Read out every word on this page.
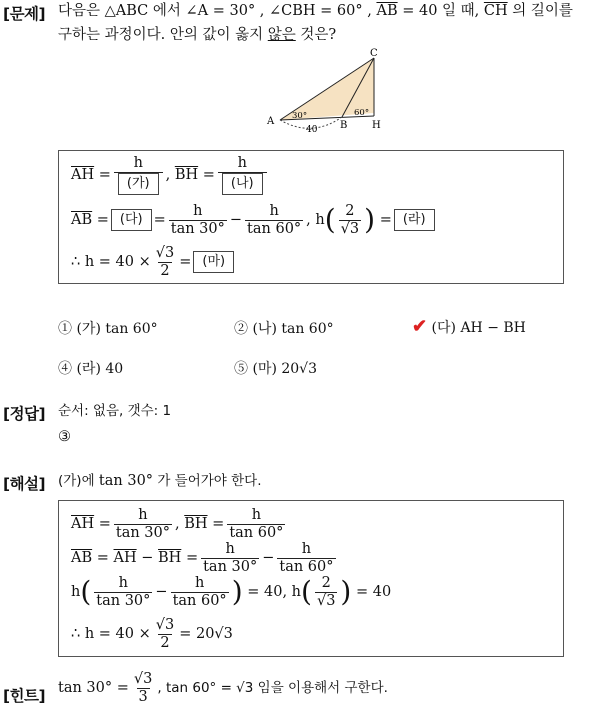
[문제] 다음은 △ABC 에서 ∠A = 30° , ∠CBH = 60° , $\overline{AB} = 40$ 일 때, $\overline{CH}$ 의 길이를
구하는 과정이다. 안의 값이 옳지 않은 것은?
A	B
C
H
30°	60°
40
$\overline{AH}$
= $\frac{h}{\text{(가)}}$ ,
$\overline{BH}$
= $\frac{h}{\text{(나)}}$
$\overline{AB}$
= (다) = $\frac{h}{\tan 30^\circ} - \frac{h}{\tan 60^\circ}$ ,
h ( $\frac{2}{√3}$ )
= (라)
∴ $h = 40 \times \frac{√3}{2}$ = (마)
① (가) tan 60°	② (나) tan 60°	✔ (다) AH − BH
④ (라) 40	⑤ (마) 20√3
[정답] 순서: 없음, 갯수: 1
③
[해설] (가)에 tan 30° 가 들어가야 한다.
$\overline{AH}$
= $\frac{h}{\tan 30^\circ}$ ,
$\overline{BH}$
= $\frac{h}{\tan 60^\circ}$
$\overline{AB}$
=
$\overline{AH}$
−
$\overline{BH}$
= $\frac{h}{\tan 30^\circ} - \frac{h}{\tan 60^\circ}$
h ( $\frac{h}{\tan 30^\circ} - \frac{h}{\tan 60^\circ}$ )
= 40, h ( $\frac{2}{√3}$ )
= 40
∴ $h = 40 \times \frac{√3}{2} = 20√3$
[힌트] $\tan 30^\circ = \frac{√3}{3}$ , tan 60° = √3 임을 이용해서 구한다.
